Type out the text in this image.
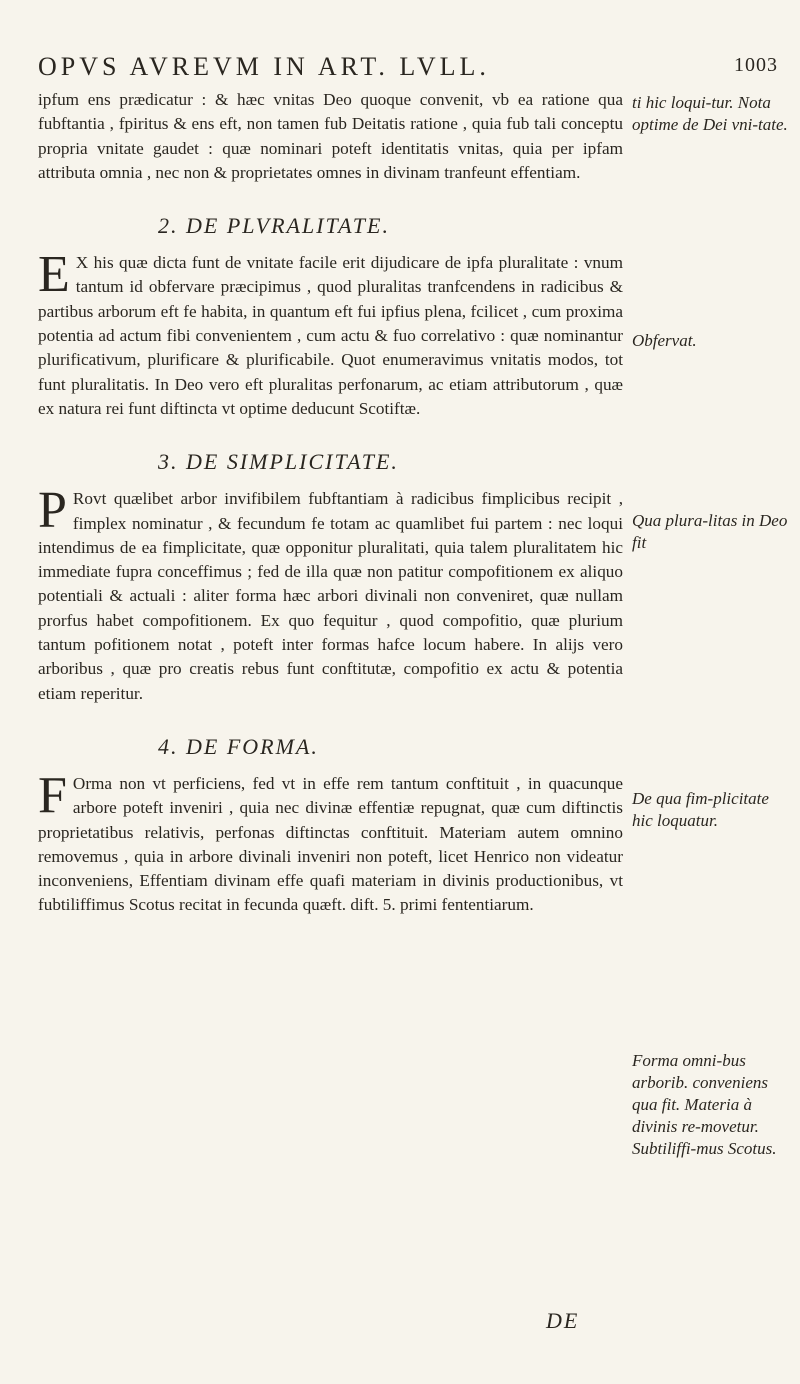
OPVS AVREVM IN ART. LVLL.	1003

ipfum ens prædicatur : & hæc vnitas Deo quoque convenit, vb ea ratione qua fubftantia , fpiritus & ens eft, non tamen fub Deitatis ratione , quia fub tali conceptu propria vnitate gaudet : quæ nominari poteft identitatis vnitas, quia per ipfam attributa omnia , nec non & proprietates omnes in divinam tranfeunt effentiam.

2. DE PLVRALITATE.

E X his quæ dicta funt de vnitate facile erit dijudicare de ipfa pluralitate : vnum tantum id obfervare præcipimus , quod pluralitas tranfcendens in radicibus & partibus arborum eft fe habita, in quantum eft fui ipfius plena, fcilicet , cum proxima potentia ad actum fibi convenientem , cum actu & fuo correlativo : quæ nominantur plurificativum, plurificare & plurificabile. Quot enumeravimus vnitatis modos, tot funt pluralitatis. In Deo vero eft pluralitas perfonarum, ac etiam attributorum , quæ ex natura rei funt diftincta vt optime deducunt Scotiftæ.

3. DE SIMPLICITATE.

P Rovt quælibet arbor invifibilem fubftantiam à radicibus fimplicibus recipit , fimplex nominatur , & fecundum fe totam ac quamlibet fui partem : nec loqui intendimus de ea fimplicitate, quæ opponitur pluralitati, quia talem pluralitatem hic immediate fupra conceffimus ; fed de illa quæ non patitur compofitionem ex aliquo potentiali & actuali : aliter forma hæc arbori divinali non conveniret, quæ nullam prorfus habet compofitionem. Ex quo fequitur , quod compofitio, quæ plurium tantum pofitionem notat , poteft inter formas hafce locum habere. In alijs vero arboribus , quæ pro creatis rebus funt conftitutæ, compofitio ex actu & potentia etiam reperitur.

4. DE FORMA.

F Orma non vt perficiens, fed vt in effe rem tantum conftituit , in quacunque arbore poteft inveniri , quia nec divinæ effentiæ repugnat, quæ cum diftinctis proprietatibus relativis, perfonas diftinctas conftituit. Materiam autem omnino removemus , quia in arbore divinali inveniri non poteft, licet Henrico non videatur inconveniens, Effentiam divinam effe quafi materiam in divinis productionibus, vt fubtiliffimus Scotus recitat in fecunda quæft. dift. 5. primi fententiarum.

ti hic loqui-tur. Nota optime de Dei vni-tate.
Obfervat.
Qua plura-litas in Deo fit
De qua fim-plicitate hic loquatur.
Forma omni-bus arborib. conveniens qua fit. Materia à divinis re-movetur. Subtiliffi-mus Scotus.
DE
